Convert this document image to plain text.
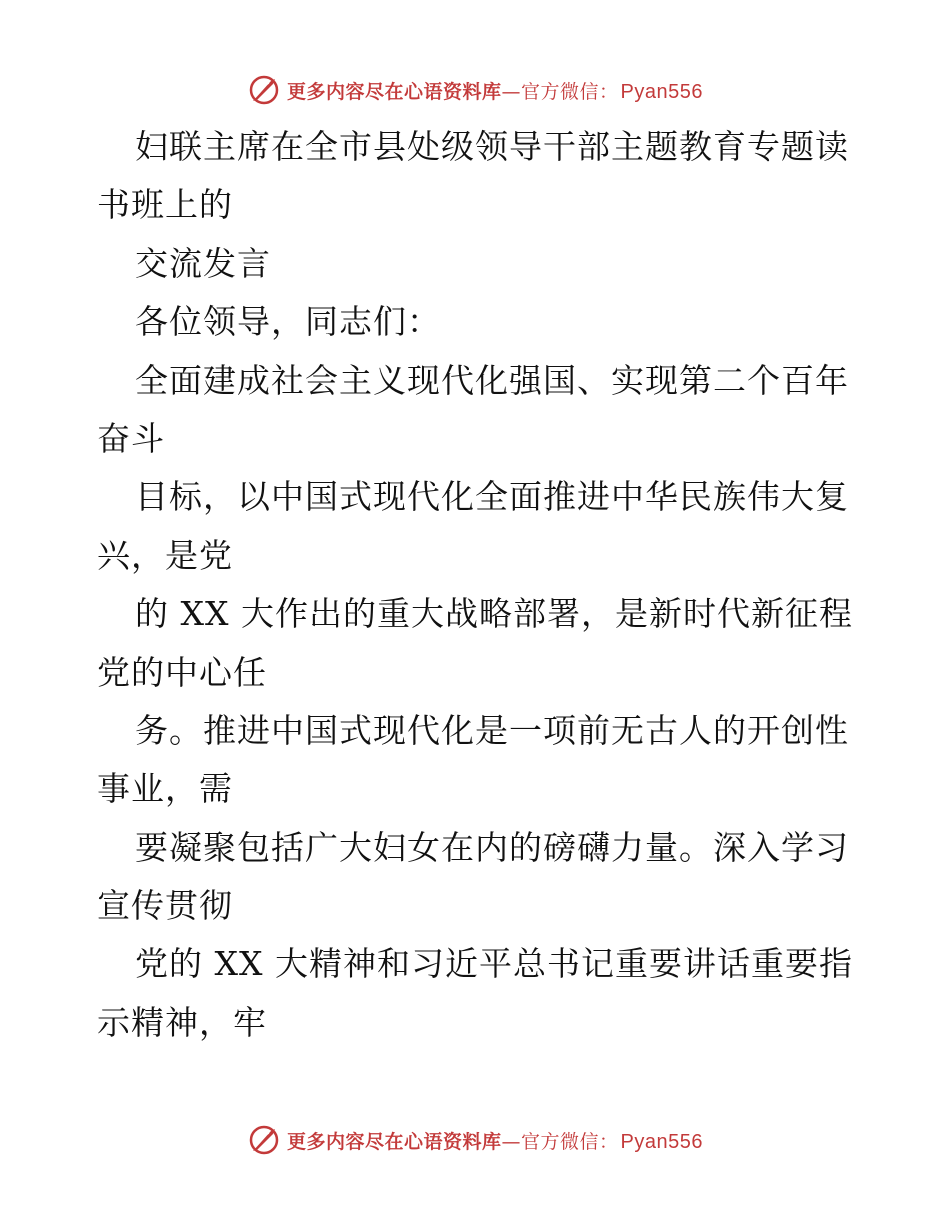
更多内容尽在心语资料库—官方微信： Pyan556
妇联主席在全市县处级领导干部主题教育专题读
书班上的
交流发言
各位领导，同志们：
全面建成社会主义现代化强国、实现第二个百年
奋斗
目标，以中国式现代化全面推进中华民族伟大复
兴，是党
的 XX 大作出的重大战略部署，是新时代新征程
党的中心任
务。推进中国式现代化是一项前无古人的开创性
事业，需
要凝聚包括广大妇女在内的磅礴力量。深入学习
宣传贯彻
党的 XX 大精神和习近平总书记重要讲话重要指
示精神，牢
更多内容尽在心语资料库—官方微信： Pyan556
